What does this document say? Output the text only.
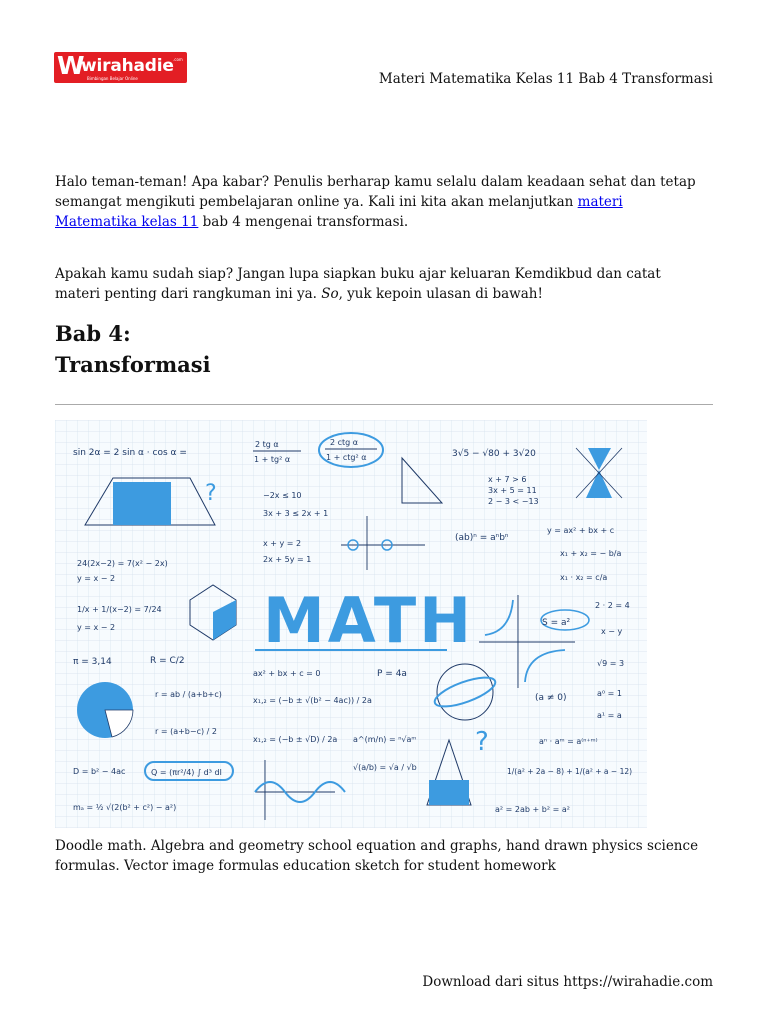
W
wirahadie .com
Bimbingan Belajar Online	Materi Matematika Kelas 11 Bab 4 Transformasi

Halo teman-teman! Apa kabar? Penulis berharap kamu selalu dalam keadaan sehat dan tetap semangat mengikuti pembelajaran online ya. Kali ini kita akan melanjutkan materi Matematika kelas 11 bab 4 mengenai transformasi.

Apakah kamu sudah siap? Jangan lupa siapkan buku ajar keluaran Kemdikbud dan catat materi penting dari rangkuman ini ya. So, yuk kepoin ulasan di bawah!

Bab 4:
Transformasi
sin 2α = 2 sin α · cos α =
2 tg α
1 + tg² α
2 ctg α
1 + ctg² α	3√5 − √80 + 3√20
−2x ≤ 10
3x + 3 ≤ 2x + 1
x + 7 > 6
3x + 5 = 11
2 − 3 < −13
(ab)ⁿ = aⁿbⁿ
y = ax² + bx + c
x₁ + x₂ = − b/a
x₁ · x₂ = c/a
24(2x−2) = 7(x² − 2x)
y = x − 2
x + y = 2
2x + 5y = 1
1/x + 1/(x−2) = 7/24
y = x − 2	S = a²
2 · 2 = 4
x − y
√9 = 3
π = 3,14	R = C/2
ax² + bx + c = 0	P = 4a
r = ab / (a+b+c)
x₁,₂ = (−b ± √(b² − 4ac)) / 2a	(a ≠ 0)	a⁰ = 1
a¹ = a
r = (a+b−c) / 2
x₁,₂ = (−b ± √D) / 2a a^(m/n) = ⁿ√aᵐ	aⁿ · aᵐ = a⁽ⁿ⁺ᵐ⁾
D = b² − 4ac	Q = (πr²/4) ∫ d³ dl
√(a/b) = √a / √b	1/(a² + 2a − 8) + 1/(a² + a − 12)
mₐ = ½ √(2(b² + c²) − a²)	a² = 2ab + b² = a²
?
?
MATH

Doodle math. Algebra and geometry school equation and graphs, hand drawn physics science formulas. Vector image formulas education sketch for student homework

Download dari situs https://wirahadie.com
